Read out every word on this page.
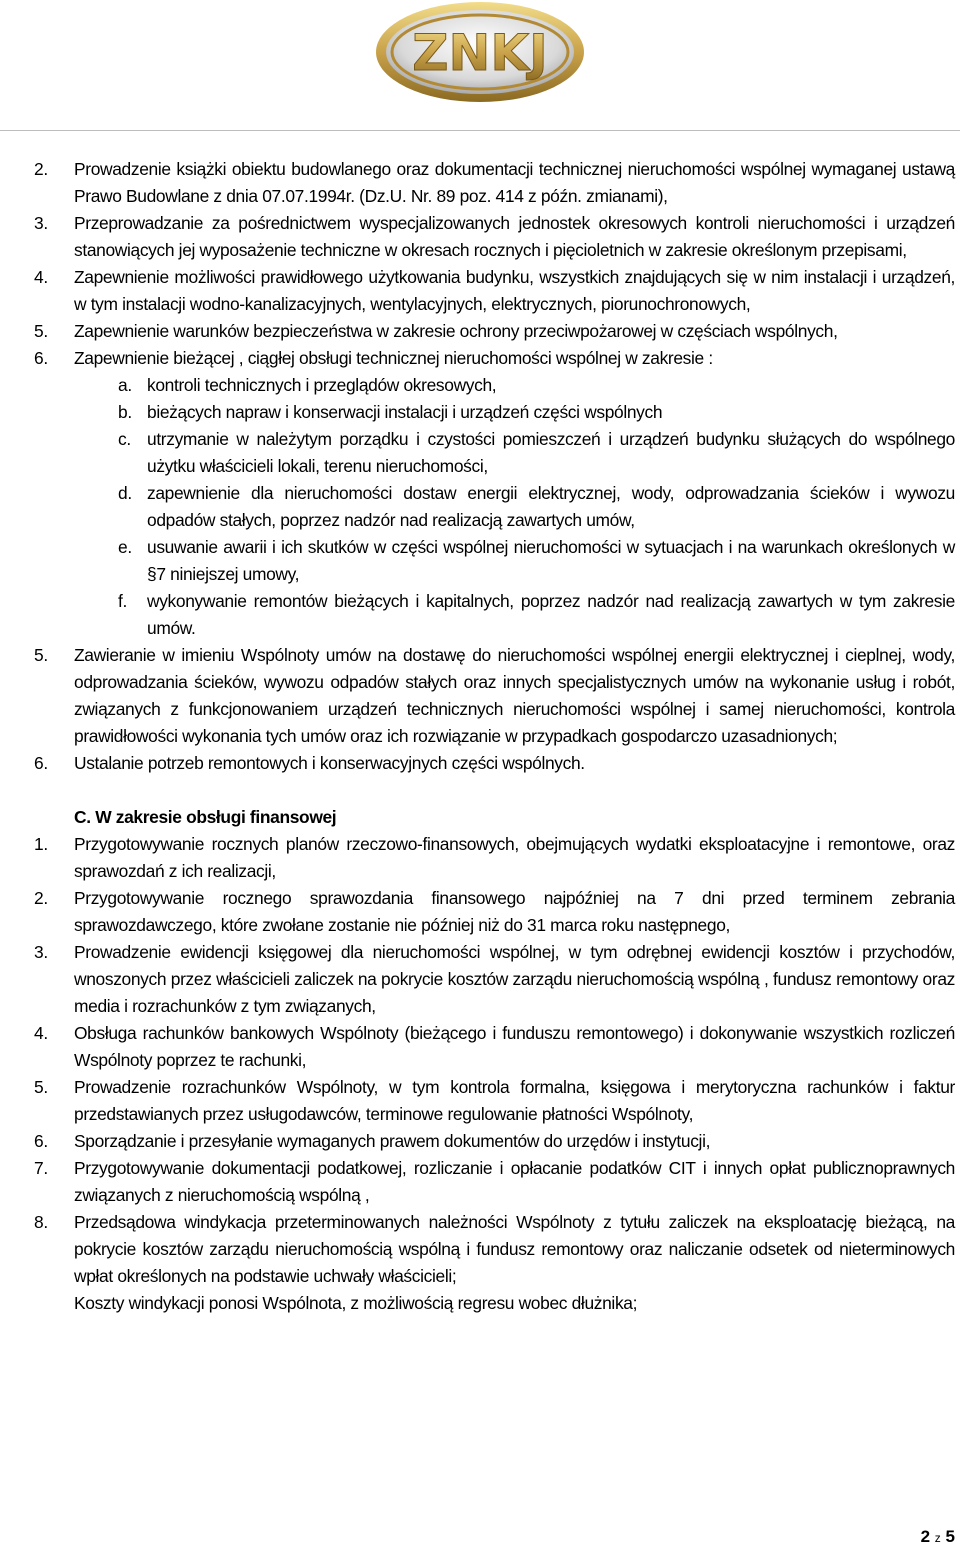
ZNKJ
2.	Prowadzenie książki obiektu budowlanego oraz dokumentacji technicznej nieruchomości wspólnej wymaganej ustawą Prawo Budowlane z dnia 07.07.1994r. (Dz.U. Nr. 89 poz. 414 z późn. zmianami),
3.	Przeprowadzanie za pośrednictwem wyspecjalizowanych jednostek okresowych kontroli nieruchomości i urządzeń stanowiących jej wyposażenie techniczne w okresach rocznych i pięcioletnich w zakresie określonym przepisami,
4.	Zapewnienie możliwości prawidłowego użytkowania budynku, wszystkich znajdujących się w nim instalacji i urządzeń, w tym instalacji wodno-kanalizacyjnych, wentylacyjnych, elektrycznych, piorunochronowych,
5.	Zapewnienie warunków bezpieczeństwa w zakresie ochrony przeciwpożarowej w częściach wspólnych,
6.	Zapewnienie bieżącej , ciągłej obsługi technicznej nieruchomości wspólnej w zakresie :
a. kontroli technicznych i przeglądów okresowych,
b. bieżących napraw i konserwacji instalacji i urządzeń części wspólnych
c. utrzymanie w należytym porządku i czystości pomieszczeń i urządzeń budynku służących do wspólnego użytku właścicieli lokali, terenu nieruchomości,
d. zapewnienie dla nieruchomości dostaw energii elektrycznej, wody, odprowadzania ścieków i wywozu odpadów stałych, poprzez nadzór nad realizacją zawartych umów,
e. usuwanie awarii i ich skutków w części wspólnej nieruchomości w sytuacjach i na warunkach określonych w §7 niniejszej umowy,
f.	wykonywanie remontów bieżących i kapitalnych, poprzez nadzór nad realizacją zawartych w tym zakresie umów.
5.	Zawieranie w imieniu Wspólnoty umów na dostawę do nieruchomości wspólnej energii elektrycznej i cieplnej, wody, odprowadzania ścieków, wywozu odpadów stałych oraz innych specjalistycznych umów na wykonanie usług i robót, związanych z funkcjonowaniem urządzeń technicznych nieruchomości wspólnej i samej nieruchomości, kontrola prawidłowości wykonania tych umów oraz ich rozwiązanie w przypadkach gospodarczo uzasadnionych;
6.	Ustalanie potrzeb remontowych i konserwacyjnych części wspólnych.
C. W zakresie obsługi finansowej
1.	Przygotowywanie rocznych planów rzeczowo-finansowych, obejmujących wydatki eksploatacyjne i remontowe, oraz sprawozdań z ich realizacji,
2.	Przygotowywanie rocznego sprawozdania finansowego najpóźniej na 7 dni przed terminem zebrania sprawozdawczego, które zwołane zostanie nie później niż do 31 marca roku następnego,
3.	Prowadzenie ewidencji księgowej dla nieruchomości wspólnej, w tym odrębnej ewidencji kosztów i przychodów, wnoszonych przez właścicieli zaliczek na pokrycie kosztów zarządu nieruchomością wspólną , fundusz remontowy oraz media i rozrachunków z tym związanych,
4.	Obsługa rachunków bankowych Wspólnoty (bieżącego i funduszu remontowego) i dokonywanie wszystkich rozliczeń Wspólnoty poprzez te rachunki,
5.	Prowadzenie rozrachunków Wspólnoty, w tym kontrola formalna, księgowa i merytoryczna rachunków i faktur przedstawianych przez usługodawców, terminowe regulowanie płatności Wspólnoty,
6.	Sporządzanie i przesyłanie wymaganych prawem dokumentów do urzędów i instytucji,
7.	Przygotowywanie dokumentacji podatkowej, rozliczanie i opłacanie podatków CIT i innych opłat publicznoprawnych związanych z nieruchomością wspólną ,
8.	Przedsądowa windykacja przeterminowanych należności Wspólnoty z tytułu zaliczek na eksploatację bieżącą, na pokrycie kosztów zarządu nieruchomością wspólną i fundusz remontowy oraz naliczanie odsetek od nieterminowych wpłat określonych na podstawie uchwały właścicieli;
Koszty windykacji ponosi Wspólnota, z możliwością regresu wobec dłużnika;
2 z 5
